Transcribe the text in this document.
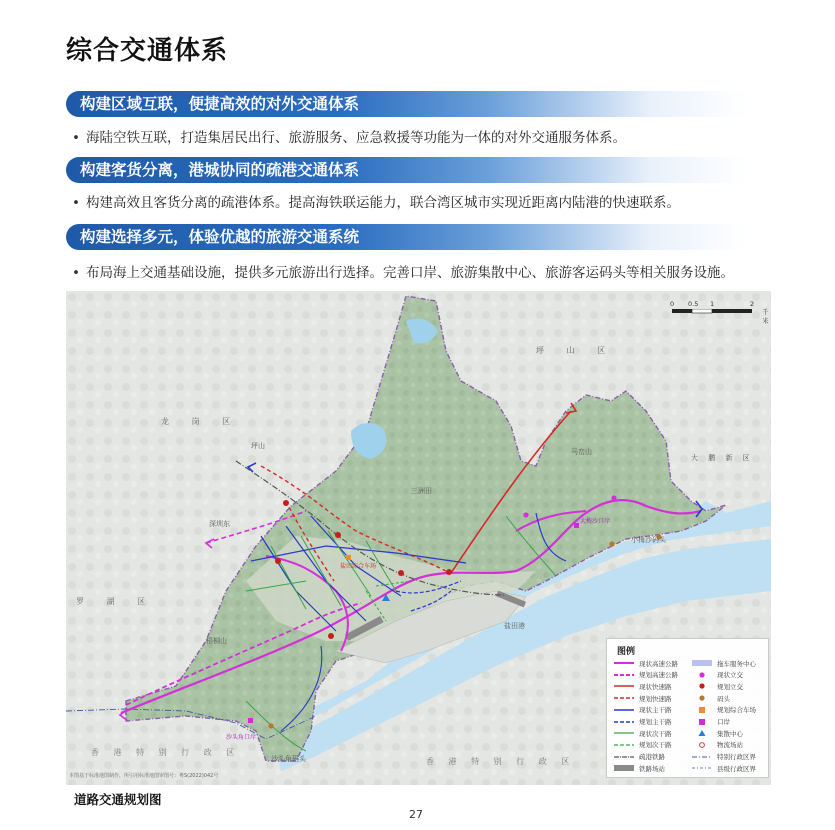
综合交通体系
构建区域互联，便捷高效的对外交通体系
• 海陆空铁互联，打造集居民出行、旅游服务、应急救援等功能为一体的对外交通服务体系。
构建客货分离，港城协同的疏港交通体系
• 构建高效且客货分离的疏港体系。提高海铁联运能力，联合湾区城市实现近距离内陆港的快速联系。
构建选择多元，体验优越的旅游交通系统
• 布局海上交通基础设施，提供多元旅游出行选择。完善口岸、旅游集散中心、旅游客运码头等相关服务设施。
0 0.5 1	2
千米
坪 山 区
龙 岗 区
罗 湖 区
大 鹏 新 区
香 港 特 别 行 政 区
香 港 特 别 行 政 区
三洲田
梧桐山
马峦山
盐田港
沙头角口岸
沙头角码头
小梅沙码头
大梅沙口岸
坪山
深圳东
盐田综合车场
本图基于标准地图制作，所引用标准地图审图号：粤S(2022)042号
图例
现状高速公路
规划高速公路
现状快速路
规划快速路
现状主干路
规划主干路
现状次干路
规划次干路
疏港铁路
铁路场站
拖车服务中心
现状立交
规划立交
码头
规划综合车场
口岸
集散中心
物流场站
特别行政区界
县级行政区界
道路交通规划图
27
